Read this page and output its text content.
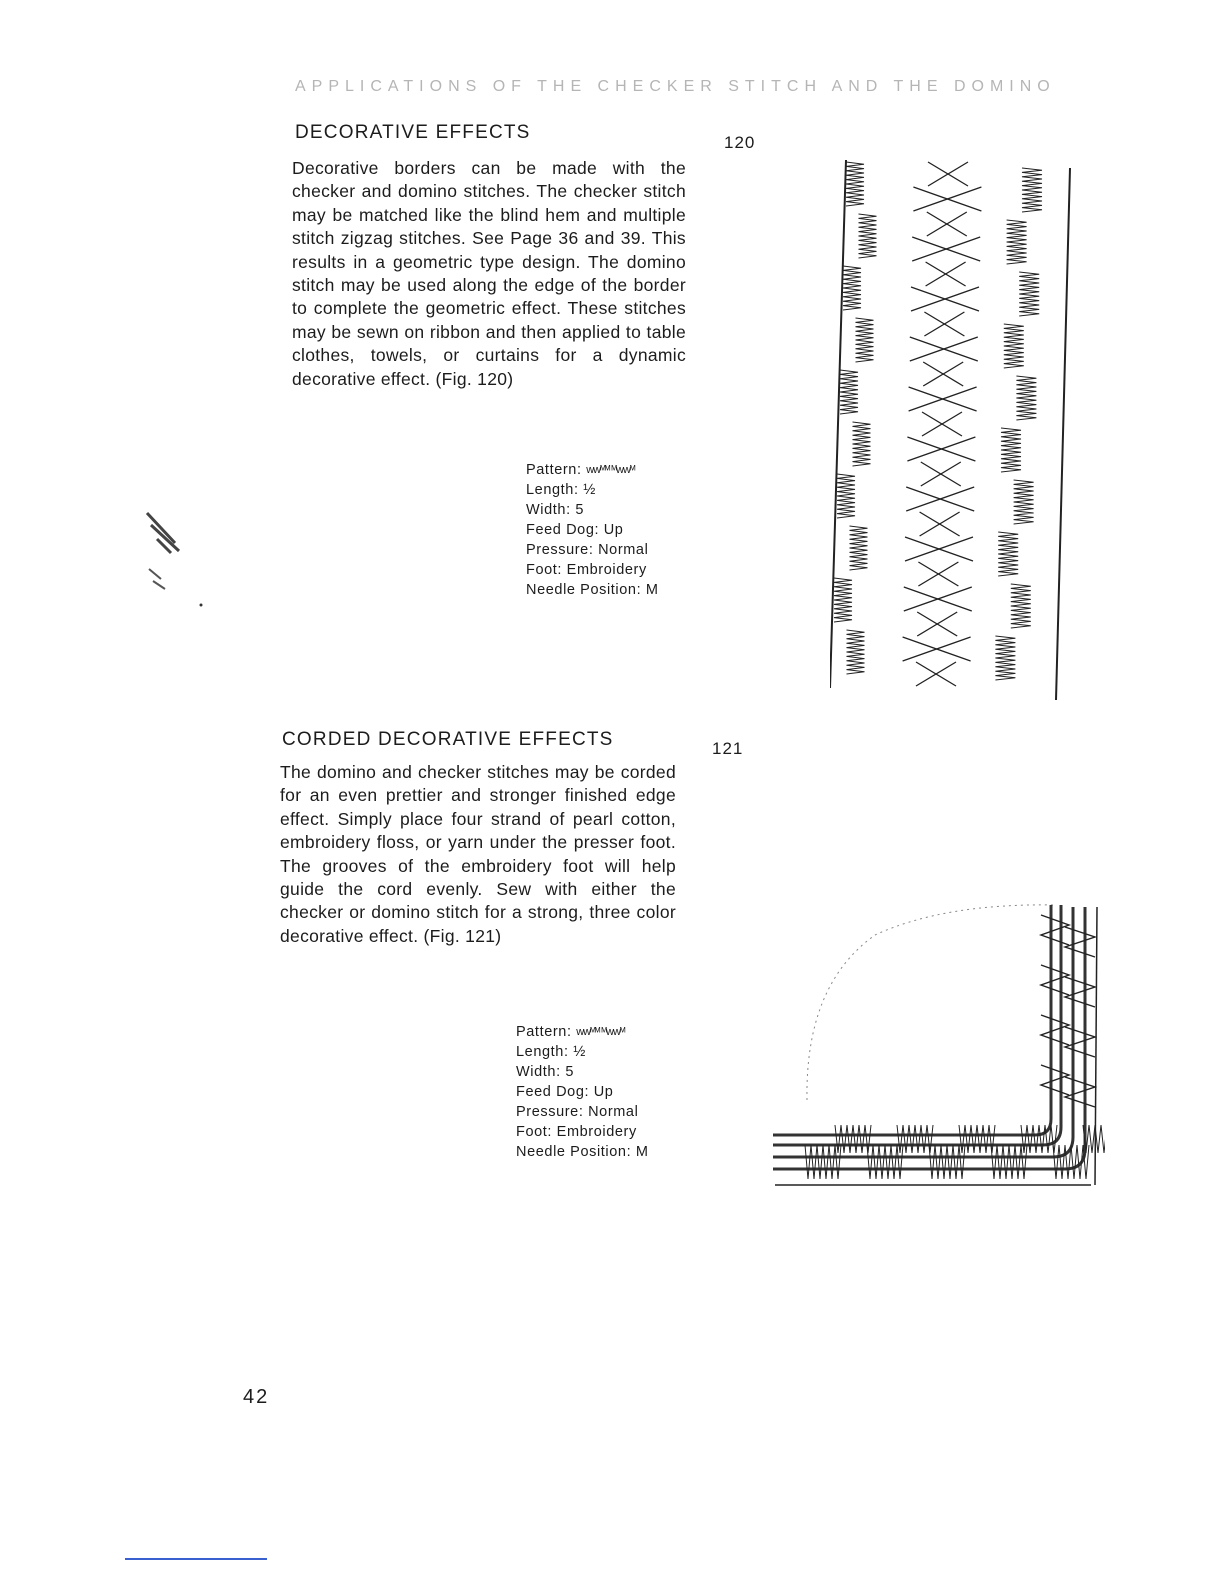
APPLICATIONS OF THE CHECKER STITCH AND THE DOMINO
DECORATIVE EFFECTS	120

Decorative borders can be made with the checker and domino stitches. The checker stitch may be matched like the blind hem and multiple stitch zigzag stitches. See Page 36 and 39. This results in a geometric type design. The domino stitch may be used along the edge of the border to complete the geometric effect. These stitches may be sewn on ribbon and then applied to table clothes, towels, or curtains for a dynamic decorative effect. (Fig. 120)

Pattern: ᴡᴡᴹᴹ ᴹᴡᴡᴹ
Length: ½
Width: 5
Feed Dog: Up
Pressure: Normal
Foot: Embroidery
Needle Position: M
CORDED DECORATIVE EFFECTS	121

The domino and checker stitches may be corded for an even prettier and stronger finished edge effect. Simply place four strand of pearl cotton, embroidery floss, or yarn under the presser foot. The grooves of the embroidery foot will help guide the cord evenly. Sew with either the checker or domino stitch for a strong, three color decorative effect. (Fig. 121)

Pattern: ᴡᴡᴹᴹ ᴹᴡᴡᴹ
Length: ½
Width: 5
Feed Dog: Up
Pressure: Normal
Foot: Embroidery
Needle Position: M
42
